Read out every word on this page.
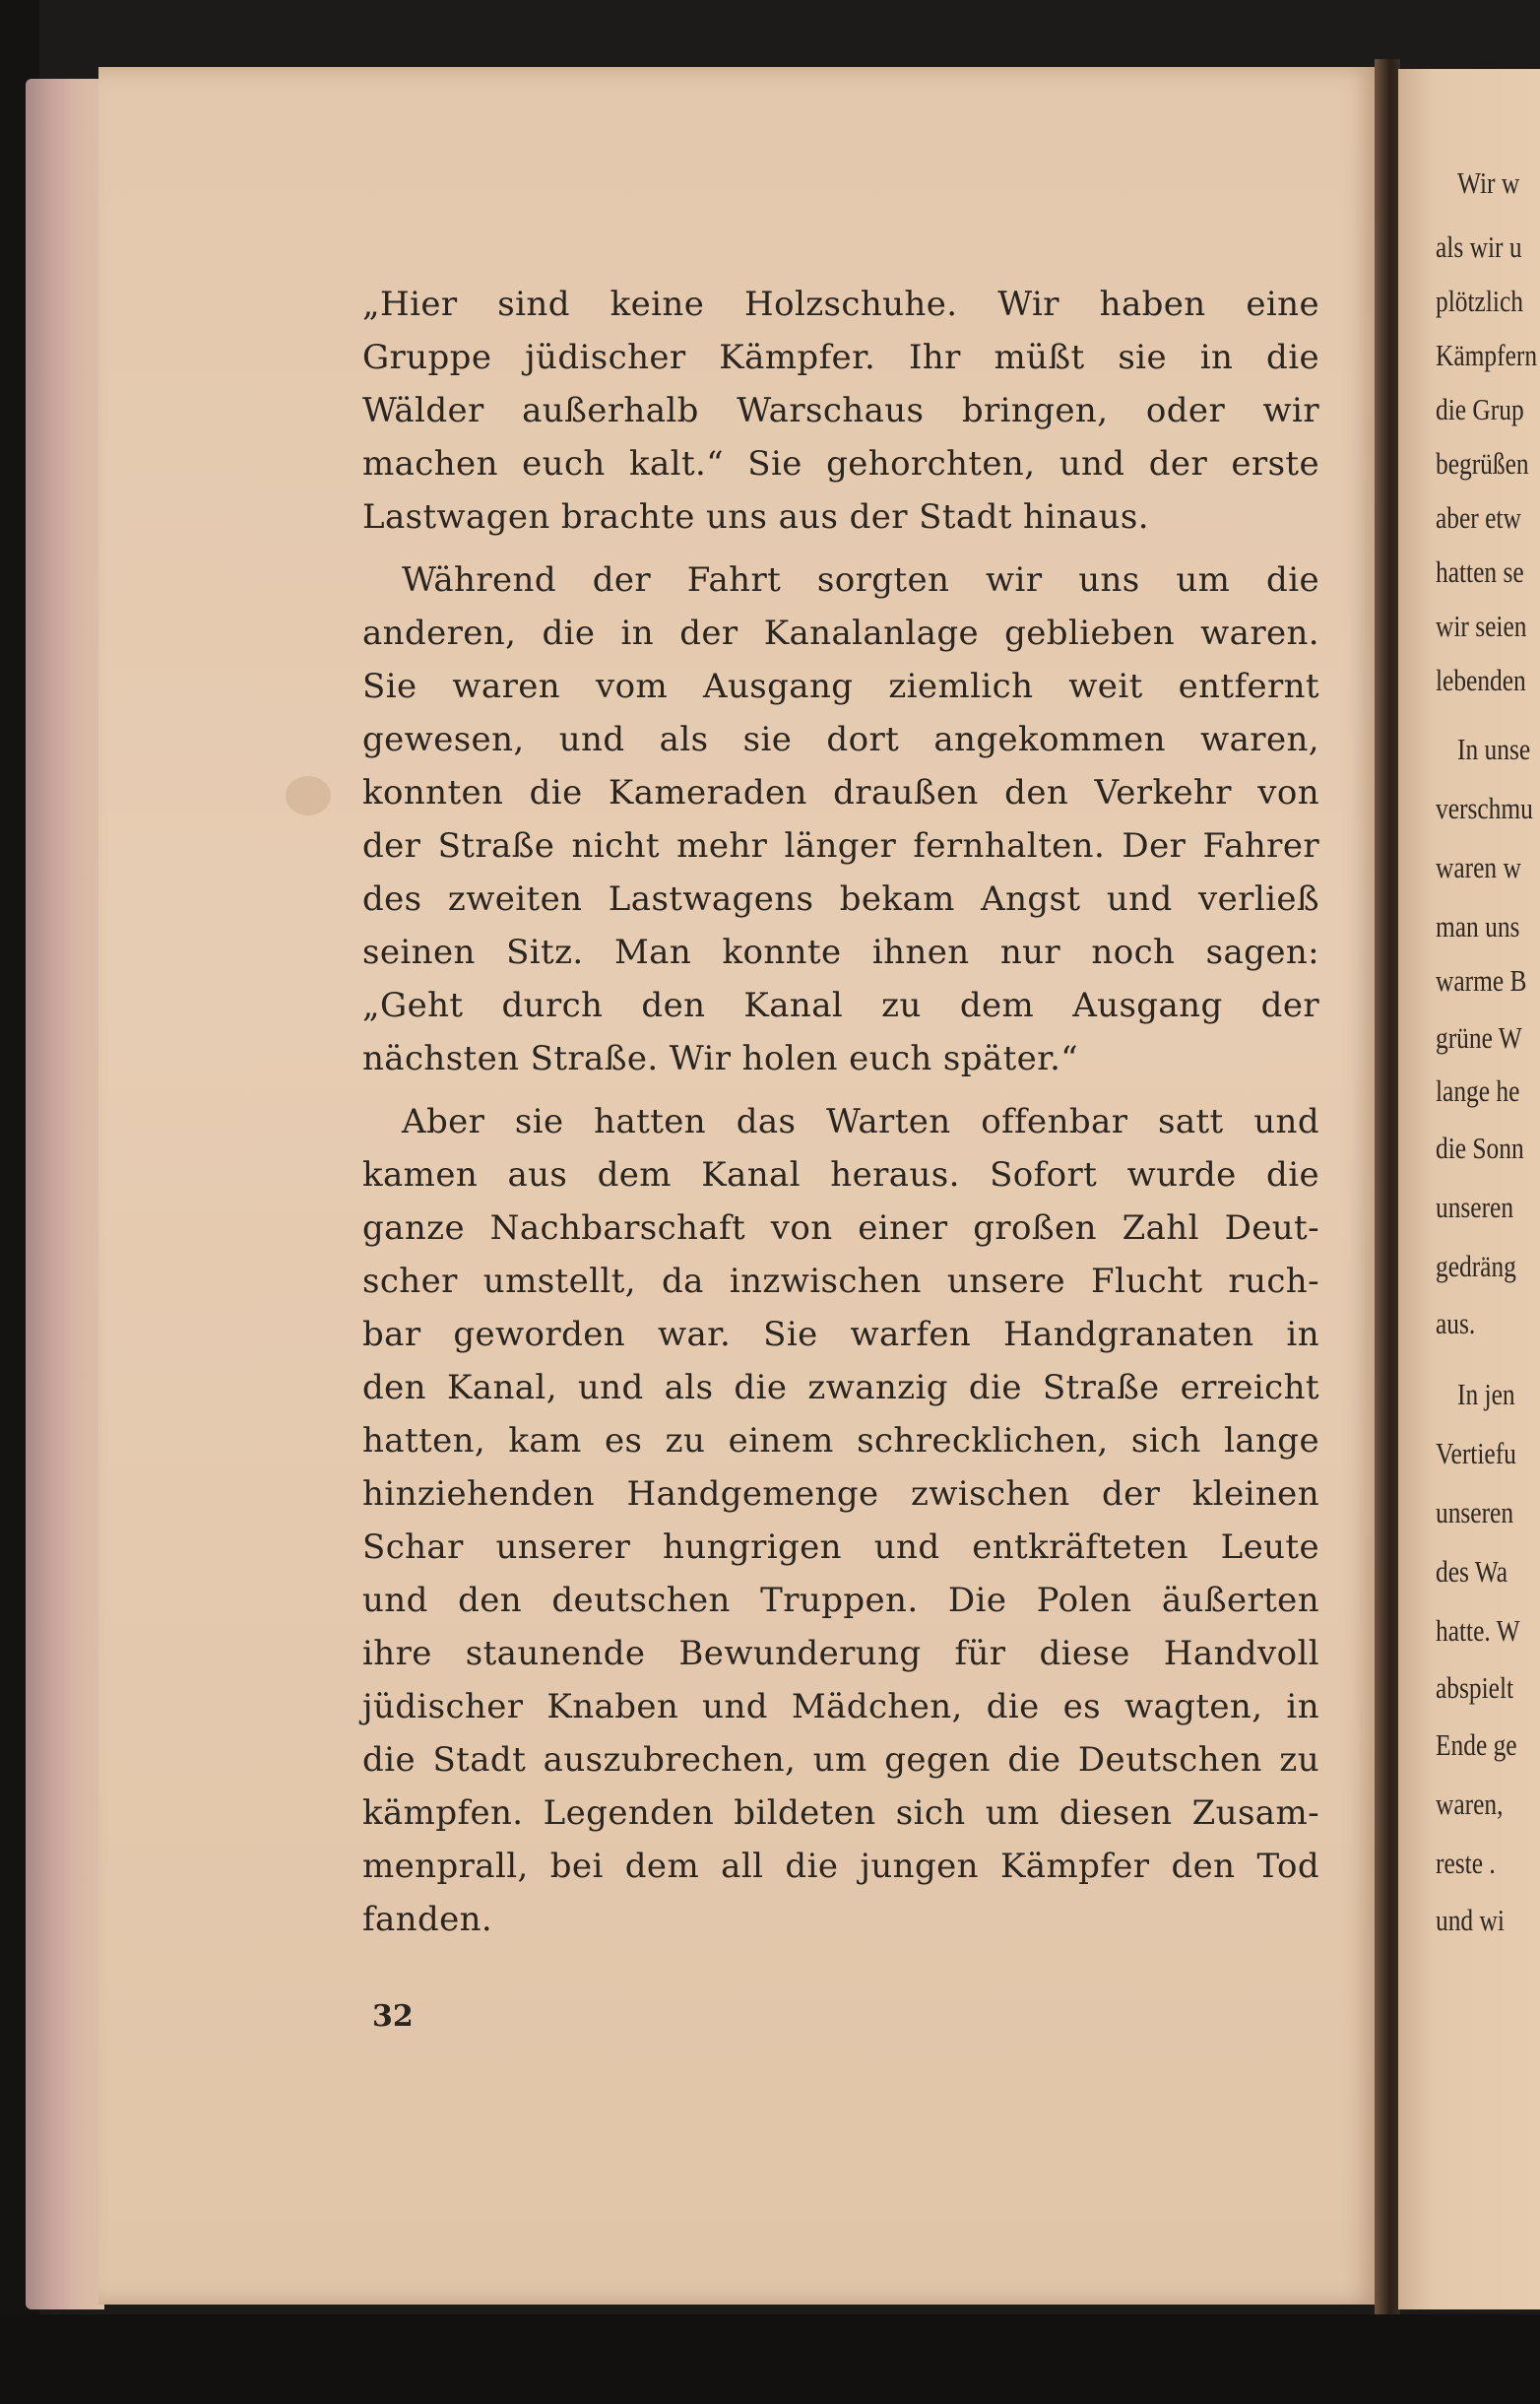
Wir w
als wir u
plötzlich
Kämpfern
die Grup
begrüßen
aber etw
hatten se
wir seien
lebenden
In unse
verschmu
waren w
man uns
warme B
grüne W
lange he
die Sonn
unseren
gedräng
aus.
In jen
Vertiefu
unseren
des Wa
hatte. W
abspielt
Ende ge
waren,
reste .
und wi
„Hier sind keine Holzschuhe. Wir haben eine
Gruppe jüdischer Kämpfer. Ihr müßt sie in die
Wälder außerhalb Warschaus bringen, oder wir
machen euch kalt.“ Sie gehorchten, und der erste
Lastwagen brachte uns aus der Stadt hinaus.
Während der Fahrt sorgten wir uns um die
anderen, die in der Kanalanlage geblieben waren.
Sie waren vom Ausgang ziemlich weit entfernt
gewesen, und als sie dort angekommen waren,
konnten die Kameraden draußen den Verkehr von
der Straße nicht mehr länger fernhalten. Der Fahrer
des zweiten Lastwagens bekam Angst und verließ
seinen Sitz. Man konnte ihnen nur noch sagen:
„Geht durch den Kanal zu dem Ausgang der
nächsten Straße. Wir holen euch später.“
Aber sie hatten das Warten offenbar satt und
kamen aus dem Kanal heraus. Sofort wurde die
ganze Nachbarschaft von einer großen Zahl Deut-
scher umstellt, da inzwischen unsere Flucht ruch-
bar geworden war. Sie warfen Handgranaten in
den Kanal, und als die zwanzig die Straße erreicht
hatten, kam es zu einem schrecklichen, sich lange
hinziehenden Handgemenge zwischen der kleinen
Schar unserer hungrigen und entkräfteten Leute
und den deutschen Truppen. Die Polen äußerten
ihre staunende Bewunderung für diese Handvoll
jüdischer Knaben und Mädchen, die es wagten, in
die Stadt auszubrechen, um gegen die Deutschen zu
kämpfen. Legenden bildeten sich um diesen Zusam-
menprall, bei dem all die jungen Kämpfer den Tod
fanden.
32
